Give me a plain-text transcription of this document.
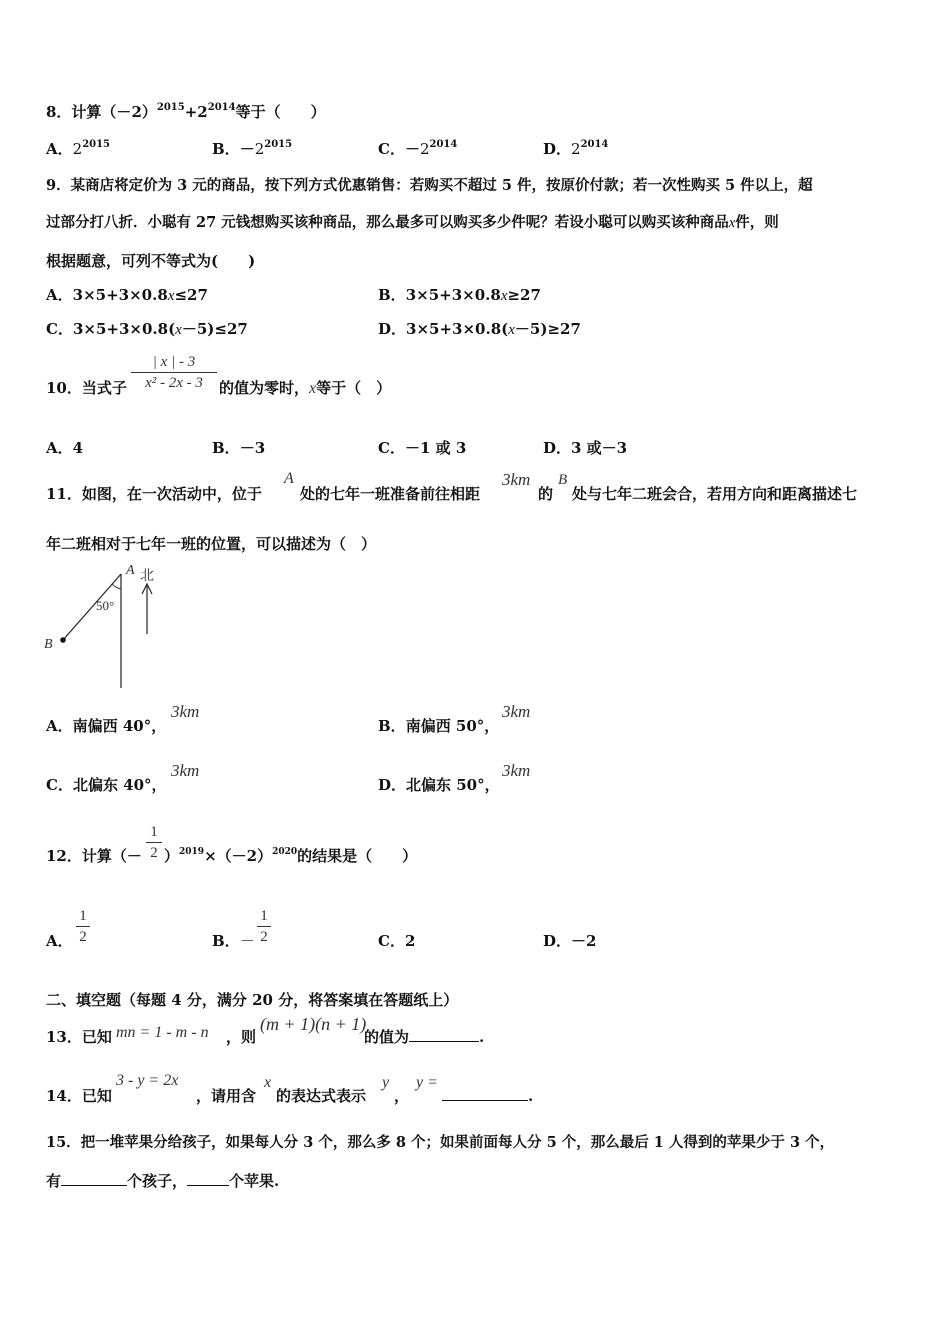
8．计算$(-2)^{2015}+2^{2014}$等于（　　）
A．$2^{2015}$	B．$-2^{2015}$	C．$-2^{2014}$	D．$2^{2014}$
9．某商店将定价为 3 元的商品，按下列方式优惠销售：若购买不超过 5 件，按原价付款；若一次性购买 5 件以上，超
过部分打八折．小聪有 27 元钱想购买该种商品，那么最多可以购买多少件呢？若设小聪可以购买该种商品x件，则
根据题意，可列不等式为(　　)
A．3×5+3×0.8x≤27	B．3×5+3×0.8x≥27
C．3×5+3×0.8(x－5)≤27	D．3×5+3×0.8(x－5)≥27
10．当式子
| x | - 3
x² - 2x - 3	的值为零时，x等于（　）
A．4	B．－3	C．－1 或 3	D．3 或－3
11．如图，在一次活动中，位于
A
处的七年一班准备前往相距
3km
的
B
处与七年二班会合，若用方向和距离描述七
年二班相对于七年一班的位置，可以描述为（　）
A 北
50°
B
A．南偏西 40°，
3km
B．南偏西 50°，
3km
C．北偏东 40°，
3km
D．北偏东 50°，
3km
12．计算（－
1
2 ）$^{2019}\times(-2)^{2020}$的结果是（　　）
A．
1
2	B．－
1
2	C．2	D．－2
二、填空题（每题 4 分，满分 20 分，将答案填在答题纸上）
13．已知 mn = 1 - m - n ，则
(m + 1)(n + 1)
的值为	.
14．已知
3 - y = 2x
，请用含
x
的表达式表示
y
，
y =
.
15．把一堆苹果分给孩子，如果每人分 3 个，那么多 8 个；如果前面每人分 5 个，那么最后 1 人得到的苹果少于 3 个，
有	个孩子，	个苹果.
